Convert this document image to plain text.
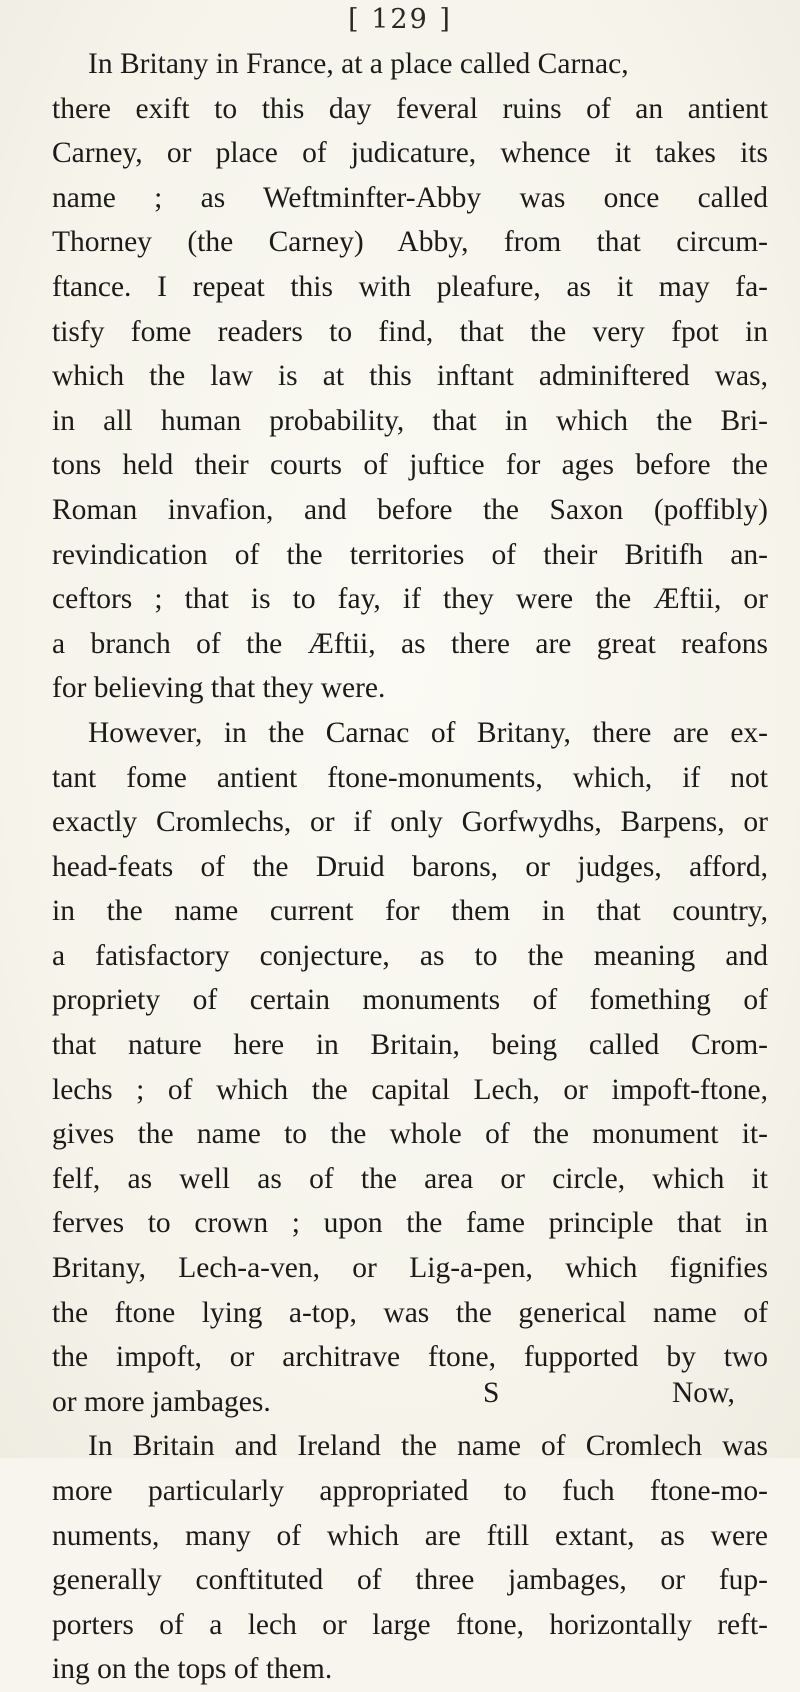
[ 129 ]
In Britany in France, at a place called Carnac,
there exift to this day feveral ruins of an antient
Carney, or place of judicature, whence it takes its
name ; as Weftminfter-Abby was once called
Thorney (the Carney) Abby, from that circum-
ftance. I repeat this with pleafure, as it may fa-
tisfy fome readers to find, that the very fpot in
which the law is at this inftant adminiftered was,
in all human probability, that in which the Bri-
tons held their courts of juftice for ages before the
Roman invafion, and before the Saxon (poffibly)
revindication of the territories of their Britifh an-
ceftors ; that is to fay, if they were the Æftii, or
a branch of the Æftii, as there are great reafons
for believing that they were.
However, in the Carnac of Britany, there are ex-
tant fome antient ftone-monuments, which, if not
exactly Cromlechs, or if only Gorfwydhs, Barpens, or
head-feats of the Druid barons, or judges, afford,
in the name current for them in that country,
a fatisfactory conjecture, as to the meaning and
propriety of certain monuments of fomething of
that nature here in Britain, being called Crom-
lechs ; of which the capital Lech, or impoft-ftone,
gives the name to the whole of the monument it-
felf, as well as of the area or circle, which it
ferves to crown ; upon the fame principle that in
Britany, Lech-a-ven, or Lig-a-pen, which fignifies
the ftone lying a-top, was the generical name of
the impoft, or architrave ftone, fupported by two
or more jambages.
In Britain and Ireland the name of Cromlech was
more particularly appropriated to fuch ftone-mo-
numents, many of which are ftill extant, as were
generally conftituted of three jambages, or fup-
porters of a lech or large ftone, horizontally reft-
ing on the tops of them.
S	Now,
